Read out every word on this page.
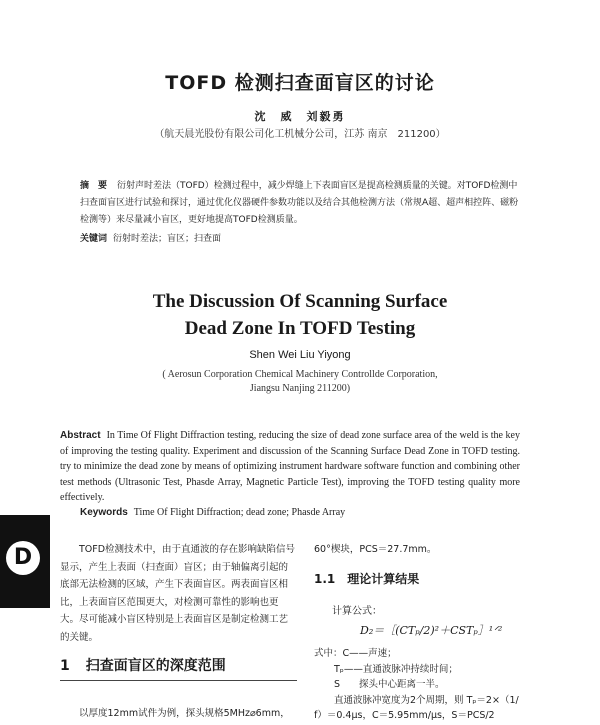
TOFD 检测扫查面盲区的讨论
沈　威　刘毅勇
（航天晨光股份有限公司化工机械分公司，江苏 南京　211200）
摘　要 衍射声时差法（TOFD）检测过程中，减少焊缝上下表面盲区是提高检测质量的关键。对TOFD检测中扫查面盲区进行试验和探讨，通过优化仪器硬件参数功能以及结合其他检测方法（常规A超、超声相控阵、磁粉检测等）来尽量减小盲区，更好地提高TOFD检测质量。
关键词 衍射时差法；盲区；扫查面
The Discussion Of Scanning Surface
Dead Zone In TOFD Testing
Shen Wei Liu Yiyong
( Aerosun Corporation Chemical Machinery Controllde Corporation,
Jiangsu Nanjing 211200)
Abstract In Time Of Flight Diffraction testing, reducing the size of dead zone surface area of the weld is the key of improving the testing quality. Experiment and discussion of the Scanning Surface Dead Zone in TOFD testing. try to minimize the dead zone by means of optimizing instrument hardware software function and combining other test methods (Ultrasonic Test, Phasde Array, Magnetic Particle Test), improving the TOFD testing quality more effectively.
Keywords Time Of Flight Diffraction; dead zone; Phasde Array
D	TOFD检测技术中，由于直通波的存在影响缺陷信号显示，产生上表面（扫查面）盲区；由于轴偏离引起的底部无法检测的区域，产生下表面盲区。两表面盲区相比，上表面盲区范围更大，对检测可靠性的影响也更大。尽可能减小盲区特别是上表面盲区是制定检测工艺的关键。
1 扫查面盲区的深度范围
以厚度12mm试件为例，探头规格5MHz⌀6mm，
60°楔块，PCS＝27.7mm。
1.1 理论计算结果
计算公式：
D₂＝［(CTₚ/2)²＋CSTₚ］¹ᐟ²
式中：C——声速；
Tₚ——直通波脉冲持续时间；
S　　探头中心距离一半。
直通波脉冲宽度为2个周期，则 Tₚ＝2×（1/
f）＝0.4μs，C＝5.95mm/μs，S＝PCS/2
